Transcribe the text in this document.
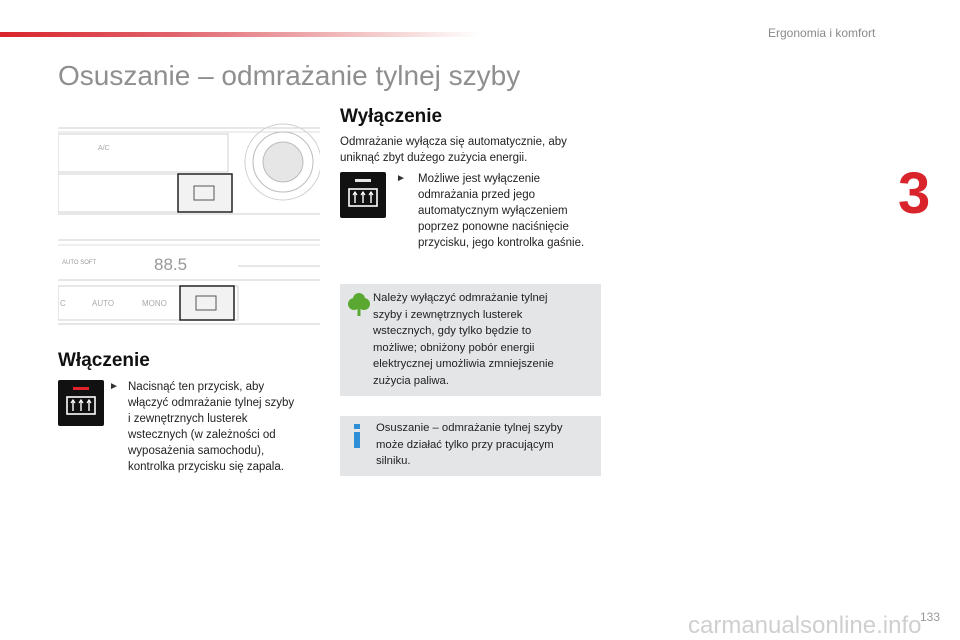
Ergonomia i komfort
3
Osuszanie – odmrażanie tylnej szyby
A/C
AUTO SOFT	88.5
C	AUTO	MONO
Włączenie
► Nacisnąć ten przycisk, aby
włączyć odmrażanie tylnej szyby
i zewnętrznych lusterek
wstecznych (w zależności od
wyposażenia samochodu),
kontrolka przycisku się zapala.
Wyłączenie
Odmrażanie wyłącza się automatycznie, aby
uniknąć zbyt dużego zużycia energii.
► Możliwe jest wyłączenie
odmrażania przed jego
automatycznym wyłączeniem
poprzez ponowne naciśnięcie
przycisku, jego kontrolka gaśnie.
Należy wyłączyć odmrażanie tylnej
szyby i zewnętrznych lusterek
wstecznych, gdy tylko będzie to
możliwe; obniżony pobór energii
elektrycznej umożliwia zmniejszenie
zużycia paliwa.
Osuszanie – odmrażanie tylnej szyby
może działać tylko przy pracującym
silniku.
carmanualsonline.info
133
